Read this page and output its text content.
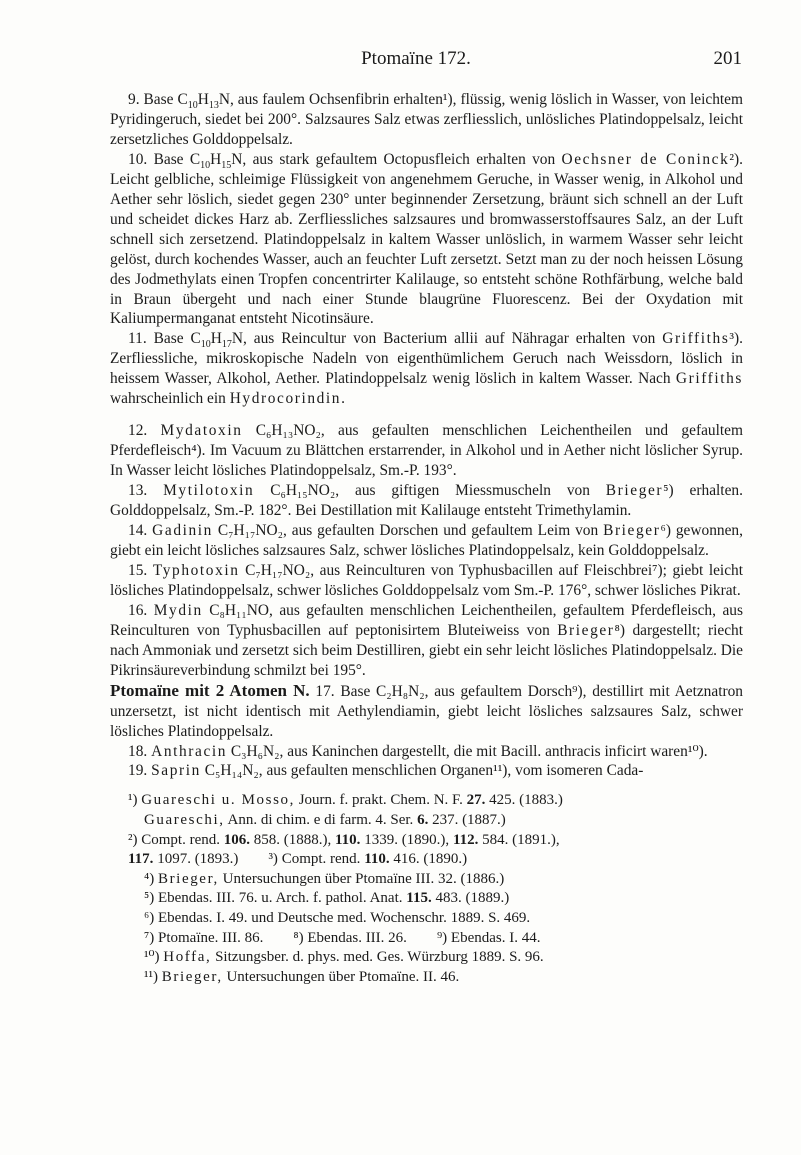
Ptomaïne 172.	201

9. Base $C_{10}H_{13}N$, aus faulem Ochsenfibrin erhalten¹), flüssig, wenig löslich in Wasser, von leichtem Pyridingeruch, siedet bei 200°. Salzsaures Salz etwas zerfliesslich, unlösliches Platindoppelsalz, leicht zersetzliches Golddoppelsalz.

10. Base $C_{10}H_{15}N$, aus stark gefaultem Octopusfleich erhalten von Oechsner de Coninck²). Leicht gelbliche, schleimige Flüssigkeit von angenehmem Geruche, in Wasser wenig, in Alkohol und Aether sehr löslich, siedet gegen 230° unter beginnender Zersetzung, bräunt sich schnell an der Luft und scheidet dickes Harz ab. Zerfliessliches salzsaures und bromwasserstoffsaures Salz, an der Luft schnell sich zersetzend. Platindoppelsalz in kaltem Wasser unlöslich, in warmem Wasser sehr leicht gelöst, durch kochendes Wasser, auch an feuchter Luft zersetzt. Setzt man zu der noch heissen Lösung des Jodmethylats einen Tropfen concentrirter Kalilauge, so entsteht schöne Rothfärbung, welche bald in Braun übergeht und nach einer Stunde blaugrüne Fluorescenz. Bei der Oxydation mit Kaliumpermanganat entsteht Nicotinsäure.

11. Base $C_{10}H_{17}N$, aus Reincultur von Bacterium allii auf Nähragar erhalten von Griffiths³). Zerfliessliche, mikroskopische Nadeln von eigenthümlichem Geruch nach Weissdorn, löslich in heissem Wasser, Alkohol, Aether. Platindoppelsalz wenig löslich in kaltem Wasser. Nach Griffiths wahrscheinlich ein Hydrocorindin.

12. Mydatoxin C₆H₁₃NO₂, aus gefaulten menschlichen Leichentheilen und gefaultem Pferdefleisch⁴). Im Vacuum zu Blättchen erstarrender, in Alkohol und in Aether nicht löslicher Syrup. In Wasser leicht lösliches Platindoppelsalz, Sm.-P. 193°.

13. Mytilotoxin C₆H₁₅NO₂, aus giftigen Miessmuscheln von Brieger⁵) erhalten. Golddoppelsalz, Sm.-P. 182°. Bei Destillation mit Kalilauge entsteht Trimethylamin.

14. Gadinin C₇H₁₇NO₂, aus gefaulten Dorschen und gefaultem Leim von Brieger⁶) gewonnen, giebt ein leicht lösliches salzsaures Salz, schwer lösliches Platindoppelsalz, kein Golddoppelsalz.

15. Typhotoxin C₇H₁₇NO₂, aus Reinculturen von Typhusbacillen auf Fleischbrei⁷); giebt leicht lösliches Platindoppelsalz, schwer lösliches Golddoppelsalz vom Sm.-P. 176°, schwer lösliches Pikrat.

16. Mydin C₈H₁₁NO, aus gefaulten menschlichen Leichentheilen, gefaultem Pferdefleisch, aus Reinculturen von Typhusbacillen auf peptonisirtem Bluteiweiss von Brieger⁸) dargestellt; riecht nach Ammoniak und zersetzt sich beim Destilliren, giebt ein sehr leicht lösliches Platindoppelsalz. Die Pikrinsäureverbindung schmilzt bei 195°.

Ptomaïne mit 2 Atomen N. 17. Base C₂H₈N₂, aus gefaultem Dorsch⁹), destillirt mit Aetznatron unzersetzt, ist nicht identisch mit Aethylendiamin, giebt leicht lösliches salzsaures Salz, schwer lösliches Platindoppelsalz.

18. Anthracin C₃H₆N₂, aus Kaninchen dargestellt, die mit Bacill. anthracis inficirt waren¹⁰).

19. Saprin C₅H₁₄N₂, aus gefaulten menschlichen Organen¹¹), vom isomeren Cada-

¹) Guareschi u. Mosso, Journ. f. prakt. Chem. N. F. 27. 425. (1883.)

Guareschi, Ann. di chim. e di farm. 4. Ser. 6. 237. (1887.)

²) Compt. rend. 106. 858. (1888.), 110. 1339. (1890.), 112. 584. (1891.),

117. 1097. (1893.) ³) Compt. rend. 110. 416. (1890.)

⁴) Brieger, Untersuchungen über Ptomaïne III. 32. (1886.)

⁵) Ebendas. III. 76. u. Arch. f. pathol. Anat. 115. 483. (1889.)

⁶) Ebendas. I. 49. und Deutsche med. Wochenschr. 1889. S. 469.

⁷) Ptomaïne. III. 86. ⁸) Ebendas. III. 26. ⁹) Ebendas. I. 44.

¹⁰) Hoffa, Sitzungsber. d. phys. med. Ges. Würzburg 1889. S. 96.

¹¹) Brieger, Untersuchungen über Ptomaïne. II. 46.
